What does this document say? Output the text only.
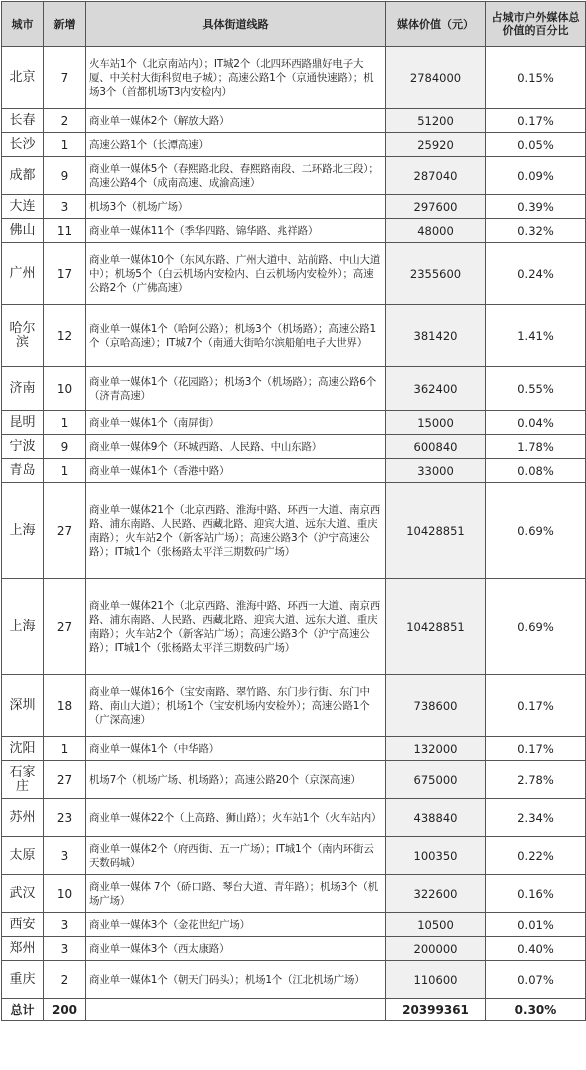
城市	新增	具体街道线路	媒体价值（元）	占城市户外媒体总价值的百分比
北京	7	火车站1个（北京南站内）；IT城2个（北四环西路鼎好电子大厦、中关村大街科贸电子城）；高速公路1个（京通快速路）；机场3个（首都机场T3内安检内）	2784000	0.15%
长春	2	商业单一媒体2个（解放大路）	51200	0.17%
长沙	1	高速公路1个（长潭高速）	25920	0.05%
成都	9	商业单一媒体5个（春熙路北段、春熙路南段、二环路北三段）；高速公路4个（成南高速、成渝高速）	287040	0.09%
大连	3	机场3个（机场广场）	297600	0.39%
佛山	11	商业单一媒体11个（季华四路、锦华路、兆祥路）	48000	0.32%
广州	17	商业单一媒体10个（东风东路、广州大道中、站前路、中山大道中）；机场5个（白云机场内安检内、白云机场内安检外）；高速公路2个（广佛高速）	2355600	0.24%
哈尔滨	12	商业单一媒体1个（哈阿公路）；机场3个（机场路）；高速公路1个（京哈高速）；IT城7个（南通大街哈尔滨船舶电子大世界）	381420	1.41%
济南	10	商业单一媒体1个（花园路）；机场3个（机场路）；高速公路6个（济青高速）	362400	0.55%
昆明	1	商业单一媒体1个（南屏街）	15000	0.04%
宁波	9	商业单一媒体9个（环城西路、人民路、中山东路）	600840	1.78%
青岛	1	商业单一媒体1个（香港中路）	33000	0.08%
上海	27	商业单一媒体21个（北京西路、淮海中路、环西一大道、南京西路、浦东南路、人民路、西藏北路、迎宾大道、远东大道、重庆南路）；火车站2个（新客站广场）；高速公路3个（沪宁高速公路）；IT城1个（张杨路太平洋三期数码广场）	10428851	0.69%
上海	27	商业单一媒体21个（北京西路、淮海中路、环西一大道、南京西路、浦东南路、人民路、西藏北路、迎宾大道、远东大道、重庆南路）；火车站2个（新客站广场）；高速公路3个（沪宁高速公路）；IT城1个（张杨路太平洋三期数码广场）	10428851	0.69%
深圳	18	商业单一媒体16个（宝安南路、翠竹路、东门步行街、东门中路、南山大道）；机场1个（宝安机场内安检外）；高速公路1个（广深高速）	738600	0.17%
沈阳	1	商业单一媒体1个（中华路）	132000	0.17%
石家庄	27	机场7个（机场广场、机场路）；高速公路20个（京深高速）	675000	2.78%
苏州	23	商业单一媒体22个（上高路、狮山路）；火车站1个（火车站内）	438840	2.34%
太原	3	商业单一媒体2个（府西街、五一广场）；IT城1个（南内环街云天数码城）	100350	0.22%
武汉	10	商业单一媒体 7个（硚口路、琴台大道、青年路）；机场3个（机场广场）	322600	0.16%
西安	3	商业单一媒体3个（金花世纪广场）	10500	0.01%
郑州	3	商业单一媒体3个（西太康路）	200000	0.40%
重庆	2	商业单一媒体1个（朝天门码头）；机场1个（江北机场广场）	110600	0.07%
总计	200		20399361	0.30%
